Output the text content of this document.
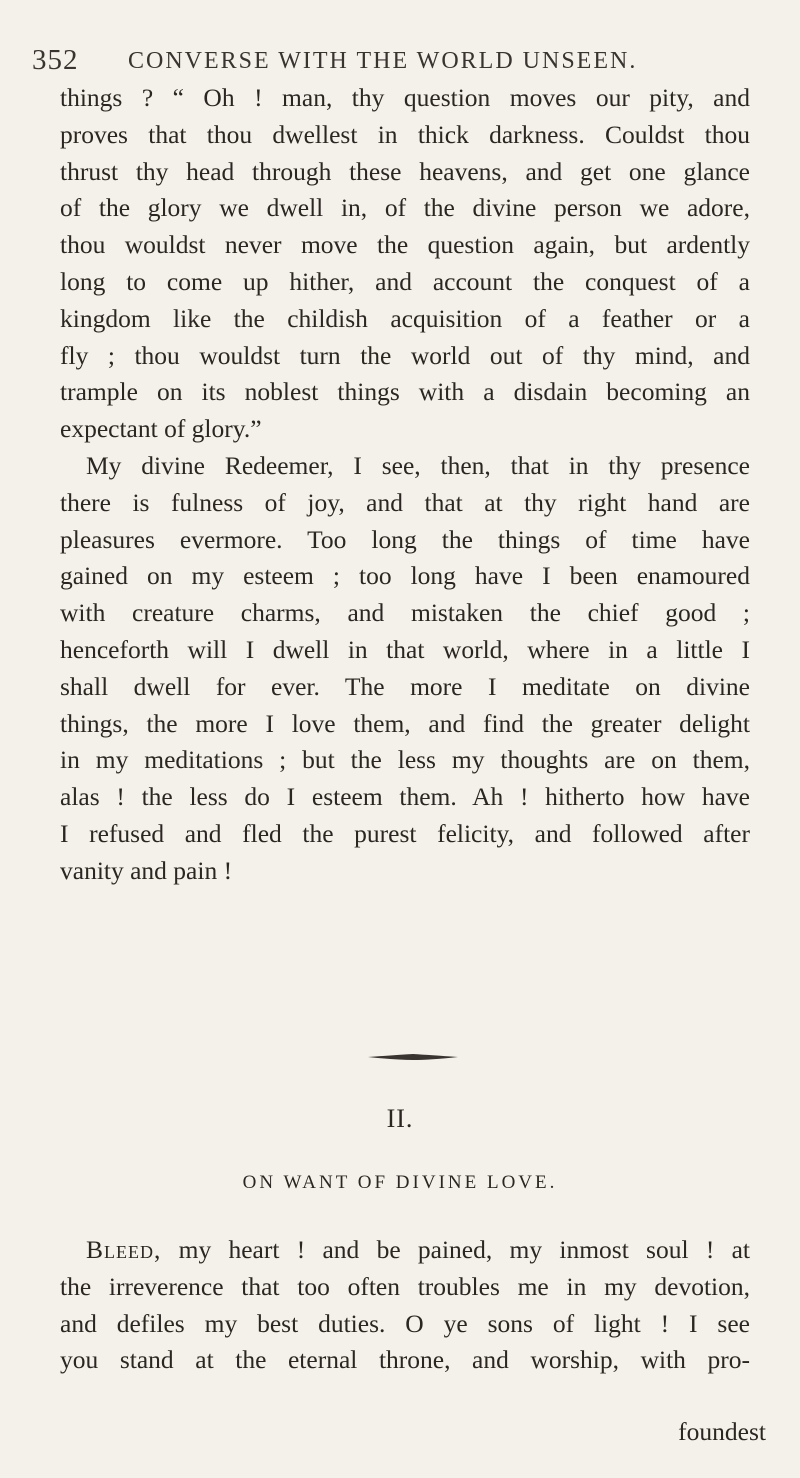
352 CONVERSE WITH THE WORLD UNSEEN.
things ? “ Oh ! man, thy question moves our pity, and
proves that thou dwellest in thick darkness. Couldst thou
thrust thy head through these heavens, and get one glance
of the glory we dwell in, of the divine person we adore,
thou wouldst never move the question again, but ardently
long to come up hither, and account the conquest of a
kingdom like the childish acquisition of a feather or a
fly ; thou wouldst turn the world out of thy mind, and
trample on its noblest things with a disdain becoming an
expectant of glory.”
My divine Redeemer, I see, then, that in thy presence
there is fulness of joy, and that at thy right hand are
pleasures evermore. Too long the things of time have
gained on my esteem ; too long have I been enamoured
with creature charms, and mistaken the chief good ;
henceforth will I dwell in that world, where in a little I
shall dwell for ever. The more I meditate on divine
things, the more I love them, and find the greater delight
in my meditations ; but the less my thoughts are on them,
alas ! the less do I esteem them. Ah ! hitherto how have
I refused and fled the purest felicity, and followed after
vanity and pain !
II.
ON WANT OF DIVINE LOVE.
Bleed, my heart ! and be pained, my inmost soul ! at
the irreverence that too often troubles me in my devotion,
and defiles my best duties. O ye sons of light ! I see
you stand at the eternal throne, and worship, with pro-
foundest
